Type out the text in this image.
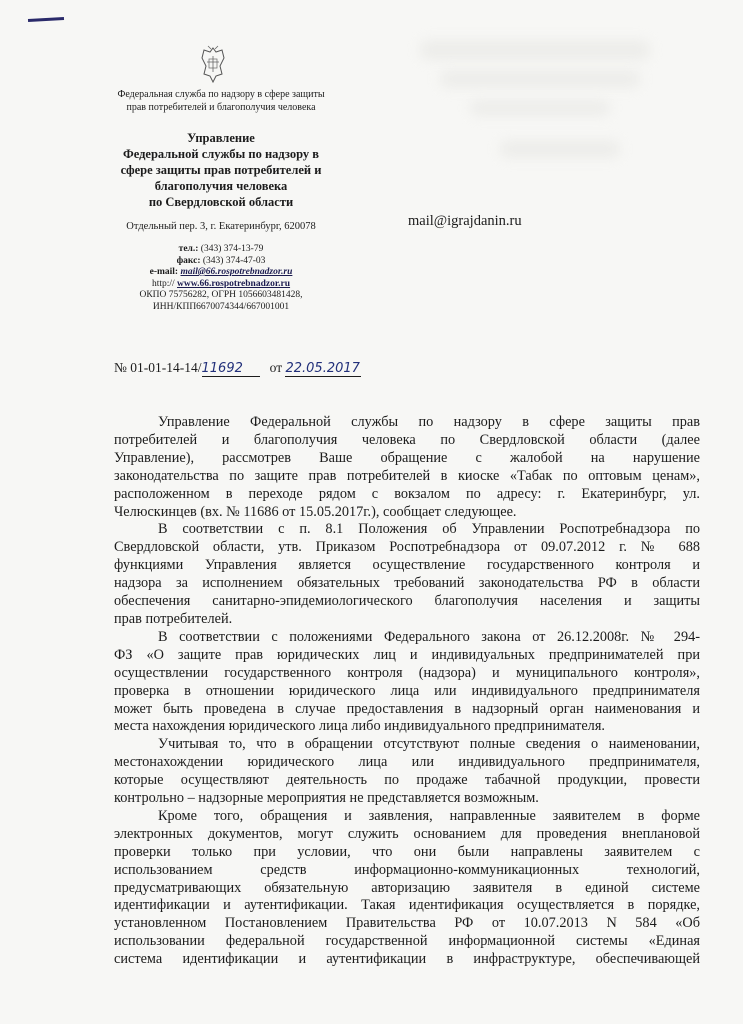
Федеральная служба по надзору в сфере защиты
прав потребителей и благополучия человека
Управление
Федеральной службы по надзору в
сфере защиты прав потребителей и
благополучия человека
по Свердловской области
Отдельный пер. 3, г. Екатеринбург, 620078
тел.: (343) 374-13-79
факс: (343) 374-47-03
e-mail: mail@66.rospotrebnadzor.ru
http:// www.66.rospotrebnadzor.ru
ОКПО 75756282, ОГРН 1056603481428,
ИНН/КПП6670074344/667001001
mail@igrajdanin.ru
№ 01-01-14-14/11692 от 22.05.2017

Управление Федеральной службы по надзору в сфере защиты прав
потребителей и благополучия человека по Свердловской области (далее
Управление), рассмотрев Ваше обращение с жалобой на нарушение
законодательства по защите прав потребителей в киоске «Табак по оптовым ценам»,
расположенном в переходе рядом с вокзалом по адресу: г. Екатеринбург, ул.
Челюскинцев (вх. № 11686 от 15.05.2017г.), сообщает следующее.

В соответствии с п. 8.1 Положения об Управлении Роспотребнадзора по
Свердловской области, утв. Приказом Роспотребнадзора от 09.07.2012 г. № 688
функциями Управления является осуществление государственного контроля и
надзора за исполнением обязательных требований законодательства РФ в области
обеспечения санитарно-эпидемиологического благополучия населения и защиты
прав потребителей.

В соответствии с положениями Федерального закона от 26.12.2008г. № 294-
ФЗ «О защите прав юридических лиц и индивидуальных предпринимателей при
осуществлении государственного контроля (надзора) и муниципального контроля»,
проверка в отношении юридического лица или индивидуального предпринимателя
может быть проведена в случае предоставления в надзорный орган наименования и
места нахождения юридического лица либо индивидуального предпринимателя.

Учитывая то, что в обращении отсутствуют полные сведения о наименовании,
местонахождении юридического лица или индивидуального предпринимателя,
которые осуществляют деятельность по продаже табачной продукции, провести
контрольно – надзорные мероприятия не представляется возможным.

Кроме того, обращения и заявления, направленные заявителем в форме
электронных документов, могут служить основанием для проведения внеплановой
проверки только при условии, что они были направлены заявителем с
использованием средств информационно-коммуникационных технологий,
предусматривающих обязательную авторизацию заявителя в единой системе
идентификации и аутентификации. Такая идентификация осуществляется в порядке,
установленном Постановлением Правительства РФ от 10.07.2013 N 584 «Об
использовании федеральной государственной информационной системы «Единая
система идентификации и аутентификации в инфраструктуре, обеспечивающей
